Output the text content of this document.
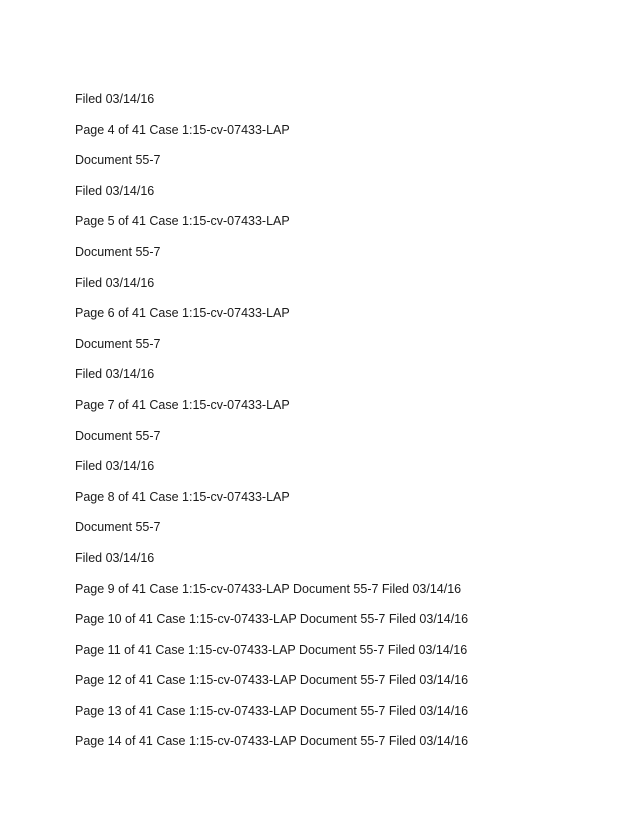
Filed 03/14/16
Page 4 of 41 Case 1:15-cv-07433-LAP
Document 55-7
Filed 03/14/16
Page 5 of 41 Case 1:15-cv-07433-LAP
Document 55-7
Filed 03/14/16
Page 6 of 41 Case 1:15-cv-07433-LAP
Document 55-7
Filed 03/14/16
Page 7 of 41 Case 1:15-cv-07433-LAP
Document 55-7
Filed 03/14/16
Page 8 of 41 Case 1:15-cv-07433-LAP
Document 55-7
Filed 03/14/16
Page 9 of 41 Case 1:15-cv-07433-LAP Document 55-7 Filed 03/14/16
Page 10 of 41 Case 1:15-cv-07433-LAP Document 55-7 Filed 03/14/16
Page 11 of 41 Case 1:15-cv-07433-LAP Document 55-7 Filed 03/14/16
Page 12 of 41 Case 1:15-cv-07433-LAP Document 55-7 Filed 03/14/16
Page 13 of 41 Case 1:15-cv-07433-LAP Document 55-7 Filed 03/14/16
Page 14 of 41 Case 1:15-cv-07433-LAP Document 55-7 Filed 03/14/16
